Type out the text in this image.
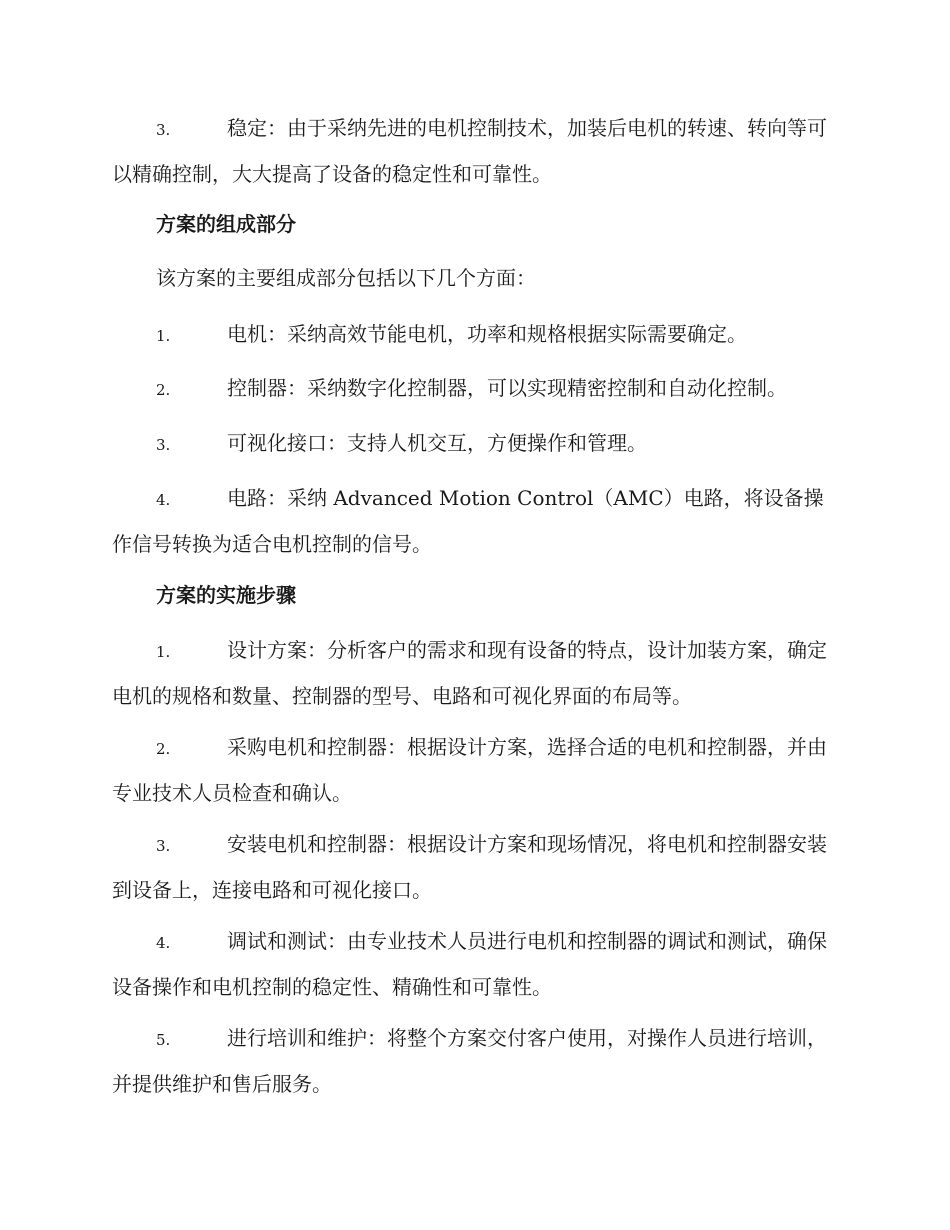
3.	稳定：由于采纳先进的电机控制技术，加装后电机的转速、转向等可以精确控制，大大提高了设备的稳定性和可靠性。

方案的组成部分

该方案的主要组成部分包括以下几个方面：

1.	电机：采纳高效节能电机，功率和规格根据实际需要确定。

2.	控制器：采纳数字化控制器，可以实现精密控制和自动化控制。

3.	可视化接口：支持人机交互，方便操作和管理。

4.	电路：采纳 Advanced Motion Control（AMC）电路，将设备操作信号转换为适合电机控制的信号。

方案的实施步骤

1.	设计方案：分析客户的需求和现有设备的特点，设计加装方案，确定电机的规格和数量、控制器的型号、电路和可视化界面的布局等。

2.	采购电机和控制器：根据设计方案，选择合适的电机和控制器，并由专业技术人员检查和确认。

3.	安装电机和控制器：根据设计方案和现场情况，将电机和控制器安装到设备上，连接电路和可视化接口。

4.	调试和测试：由专业技术人员进行电机和控制器的调试和测试，确保设备操作和电机控制的稳定性、精确性和可靠性。

5.	进行培训和维护：将整个方案交付客户使用，对操作人员进行培训，并提供维护和售后服务。
